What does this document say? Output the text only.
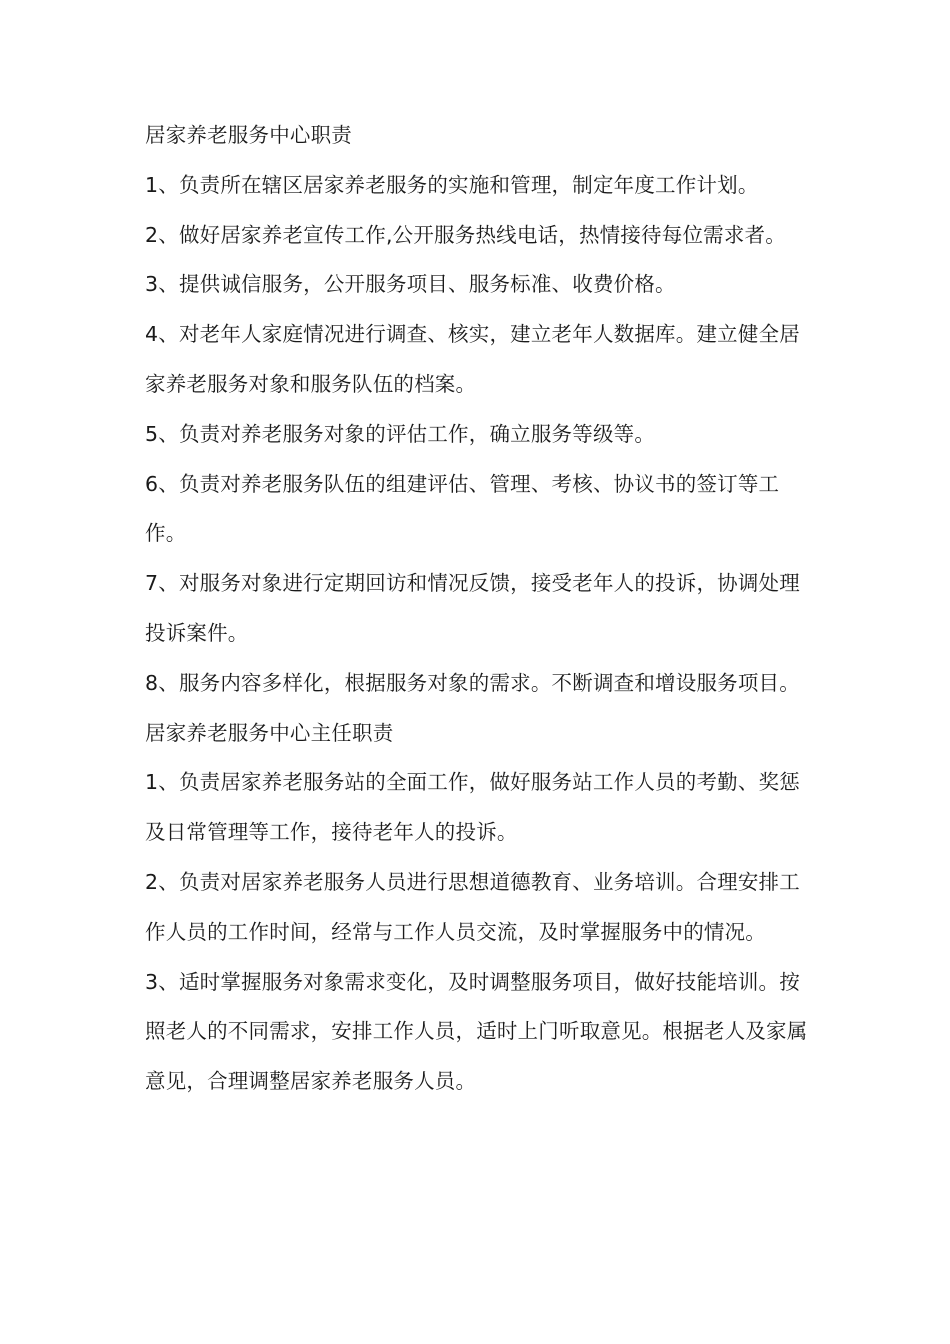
居家养老服务中心职责

1、负责所在辖区居家养老服务的实施和管理，制定年度工作计划。

2、做好居家养老宣传工作,公开服务热线电话，热情接待每位需求者。

3、提供诚信服务，公开服务项目、服务标准、收费价格。

4、对老年人家庭情况进行调查、核实，建立老年人数据库。建立健全居家养老服务对象和服务队伍的档案。

5、负责对养老服务对象的评估工作，确立服务等级等。

6、负责对养老服务队伍的组建评估、管理、考核、协议书的签订等工作。

7、对服务对象进行定期回访和情况反馈，接受老年人的投诉，协调处理投诉案件。

8、服务内容多样化，根据服务对象的需求。不断调查和增设服务项目。

居家养老服务中心主任职责

1、负责居家养老服务站的全面工作，做好服务站工作人员的考勤、奖惩及日常管理等工作，接待老年人的投诉。

2、负责对居家养老服务人员进行思想道德教育、业务培训。合理安排工作人员的工作时间，经常与工作人员交流，及时掌握服务中的情况。

3、适时掌握服务对象需求变化，及时调整服务项目，做好技能培训。按照老人的不同需求，安排工作人员，适时上门听取意见。根据老人及家属意见，合理调整居家养老服务人员。
